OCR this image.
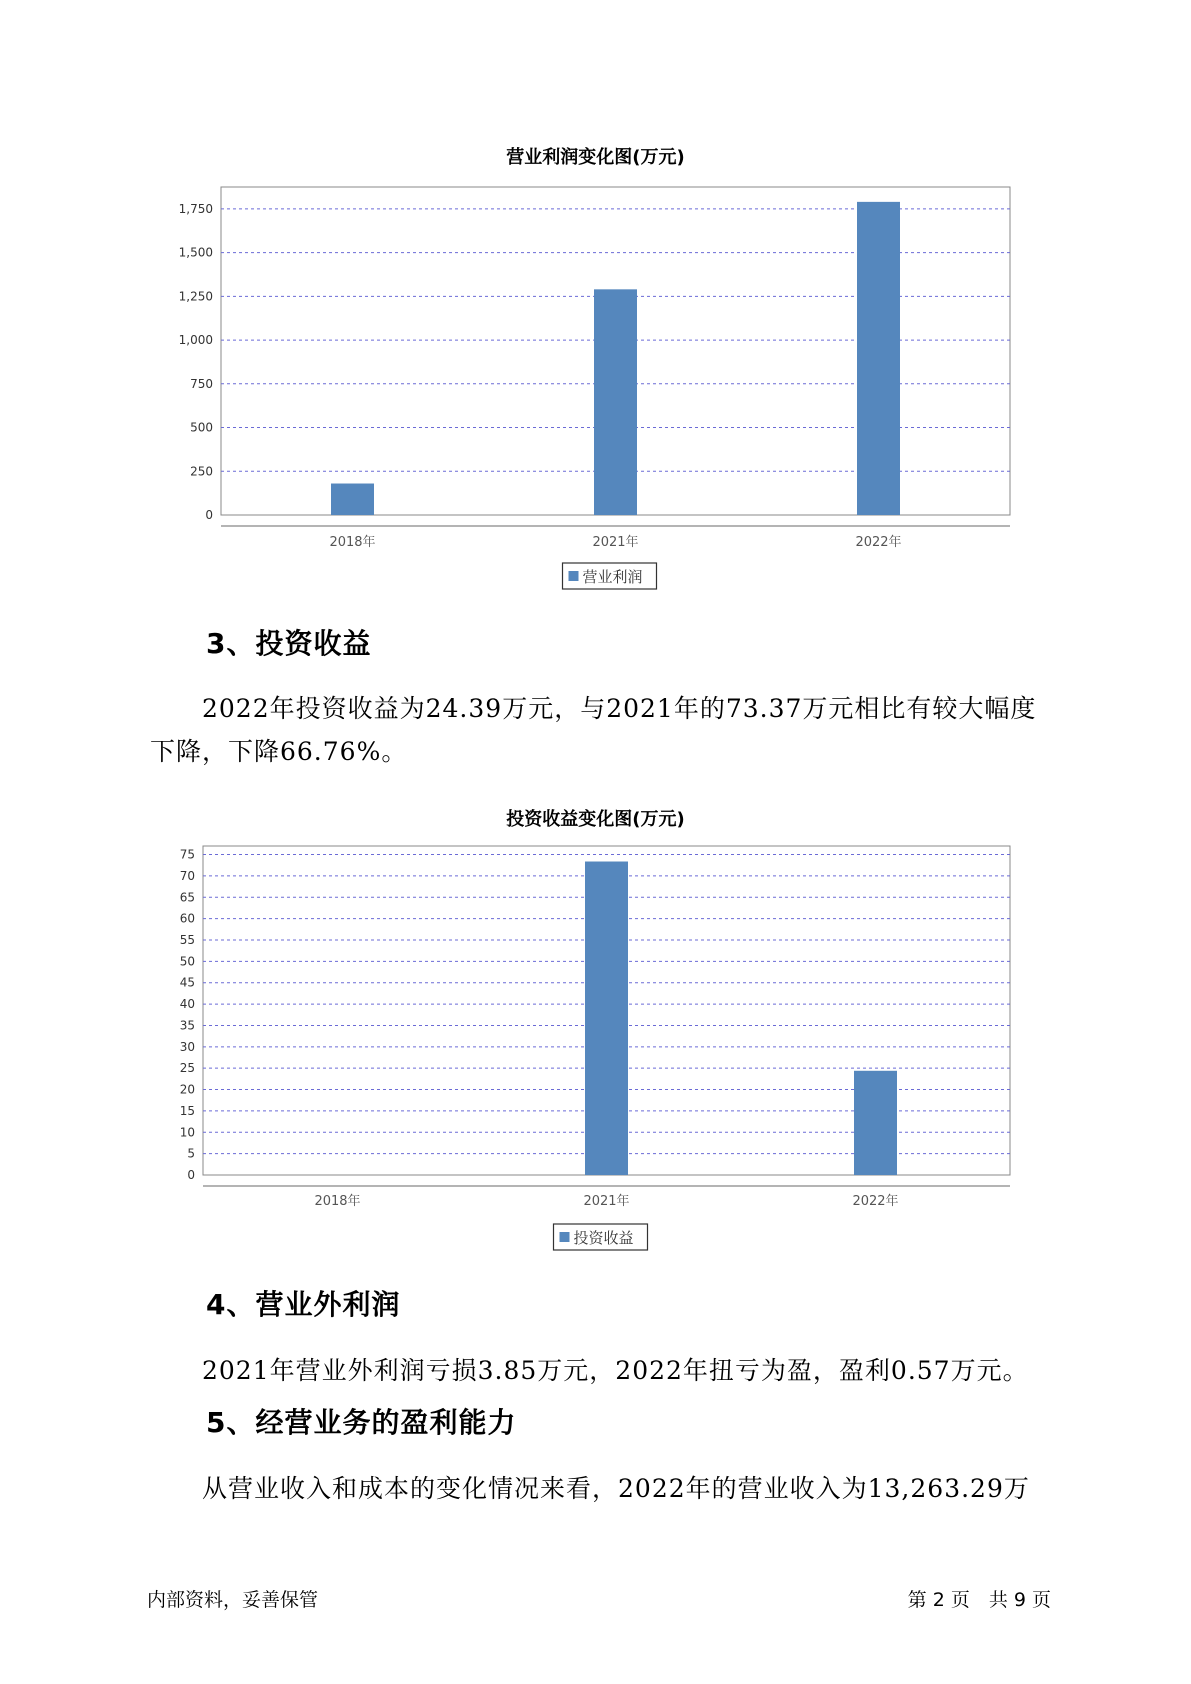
营业利润变化图(万元)
0
250
500
750
1,000
1,250
1,500
1,750
2018年	2021年	2022年
营业利润
3、投资收益

2022年投资收益为24.39万元，与2021年的73.37万元相比有较大幅度下降，下降66.76%。

投资收益变化图(万元)
0
5
10
15
20
25
30
35
40
45
50
55
60
65
70
75
2018年	2021年	2022年
投资收益
4、营业外利润

2021年营业外利润亏损3.85万元，2022年扭亏为盈，盈利0.57万元。

5、经营业务的盈利能力

从营业收入和成本的变化情况来看，2022年的营业收入为13,263.29万

内部资料，妥善保管	第 2 页　共 9 页
